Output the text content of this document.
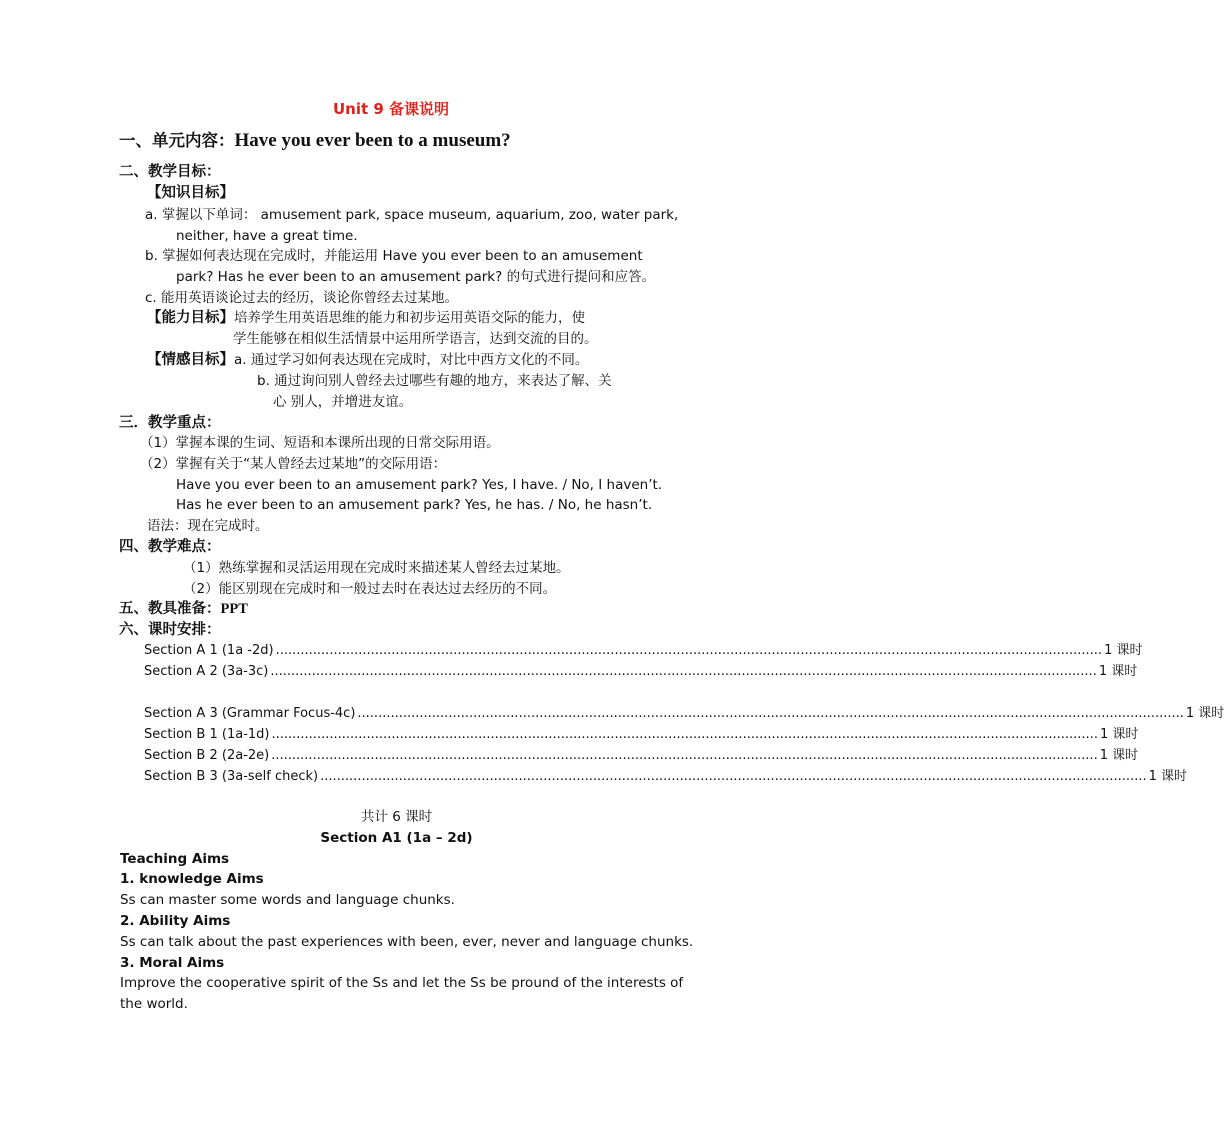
Unit 9 备课说明
一、单元内容：Have you ever been to a museum?
二、教学目标：
【知识目标】
a. 掌握以下单词： amusement park, space museum, aquarium, zoo, water park,
neither, have a great time.
b. 掌握如何表达现在完成时，并能运用 Have you ever been to an amusement
park? Has he ever been to an amusement park? 的句式进行提问和应答。
c. 能用英语谈论过去的经历，谈论你曾经去过某地。
【能力目标】培养学生用英语思维的能力和初步运用英语交际的能力，使
学生能够在相似生活情景中运用所学语言，达到交流的目的。
【情感目标】a. 通过学习如何表达现在完成时，对比中西方文化的不同。
b. 通过询问别人曾经去过哪些有趣的地方，来表达了解、关
心 别人，并增进友谊。
三．教学重点：
（1）掌握本课的生词、短语和本课所出现的日常交际用语。
（2）掌握有关于“某人曾经去过某地”的交际用语：
Have you ever been to an amusement park? Yes, I have. / No, I haven’t.
Has he ever been to an amusement park? Yes, he has. / No, he hasn’t.
语法：现在完成时。
四、教学难点：
（1）熟练掌握和灵活运用现在完成时来描述某人曾经去过某地。
（2）能区别现在完成时和一般过去时在表达过去经历的不同。
五、教具准备：PPT
六、课时安排：
Section A 1 (1a -2d) ........................................................................................................................................................................................................ 1 课时
Section A 2 (3a-3c) ........................................................................................................................................................................................................ 1 课时
Section A 3 (Grammar Focus-4c) ........................................................................................................................................................................................................ 1 课时
Section B 1 (1a-1d) ........................................................................................................................................................................................................ 1 课时
Section B 2 (2a-2e) ........................................................................................................................................................................................................ 1 课时
Section B 3 (3a-self check) ........................................................................................................................................................................................................ 1 课时
共计 6 课时
Section A1 (1a – 2d)
Teaching Aims
1. knowledge Aims
Ss can master some words and language chunks.
2. Ability Aims
Ss can talk about the past experiences with been, ever, never and language chunks.
3. Moral Aims
Improve the cooperative spirit of the Ss and let the Ss be pround of the interests of
the world.
